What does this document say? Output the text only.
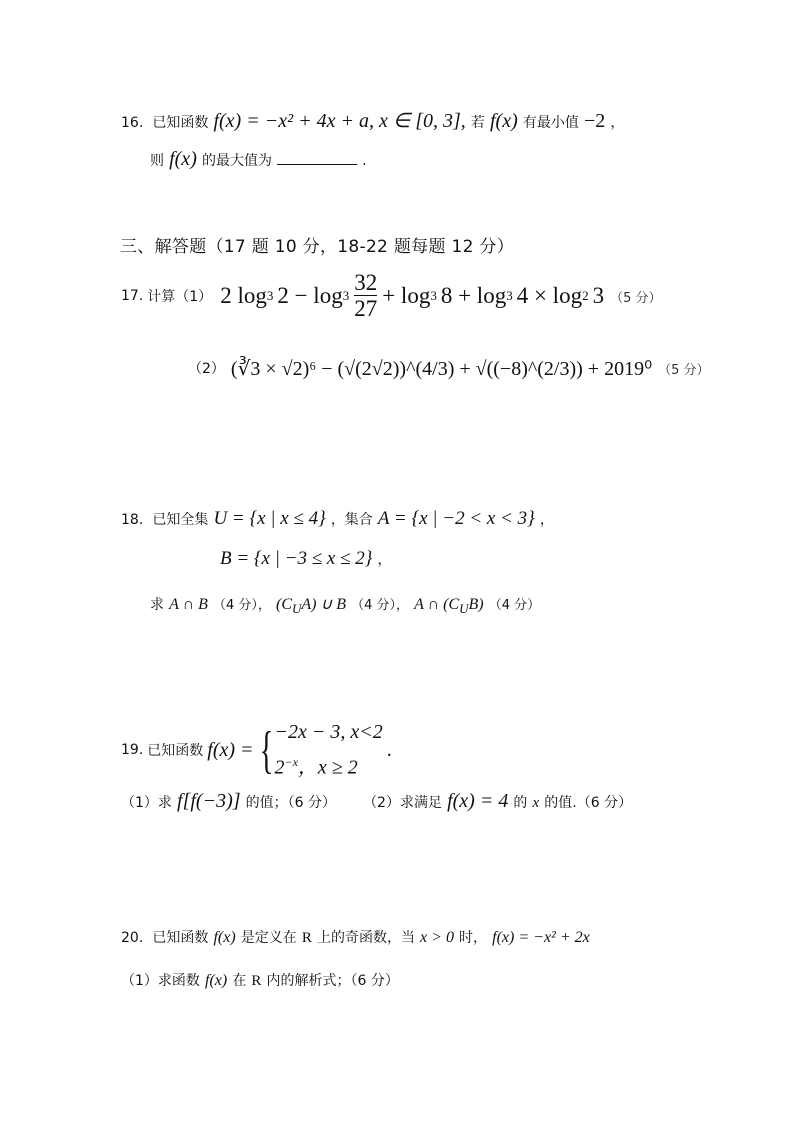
16. 已知函数 f(x) = −x² + 4x + a, x ∈ [0, 3], 若 f(x) 有最小值 −2 ，
则 f(x) 的最大值为	.
三、解答题（17 题 10 分，18-22 题每题 12 分）
17. 计算（1） 2 log 3 $2 - \log 3 \frac{32}{27} + \log 3$ 8 + log 3 4 × log 2 3 （5 分）
（2） (∛3 × √2)⁶ − (√(2√2))^(4/3) + √((−8)^(2/3)) + 2019⁰ （5 分）
18. 已知全集 U = {x | x ≤ 4} ，集合 A = {x | −2 < x < 3} ，
B = {x | −3 ≤ x ≤ 2} ，
求 A ∩ B （4 分）， $(C_UA)$ ∪ B （4 分）， A ∩ $(C_UB)$ （4 分）
19. 已知函数 f(x) = { −2x − 3, x<2
$2^{-x}$，x ≥ 2
.
（1）求 f[f(−3)] 的值；（6 分） （2）求满足 f(x) = 4 的 x 的值.（6 分）
20. 已知函数 f(x) 是定义在 R 上的奇函数，当 x > 0 时， f(x) = −x² + 2x
（1）求函数 f(x) 在 R 内的解析式；（6 分）
